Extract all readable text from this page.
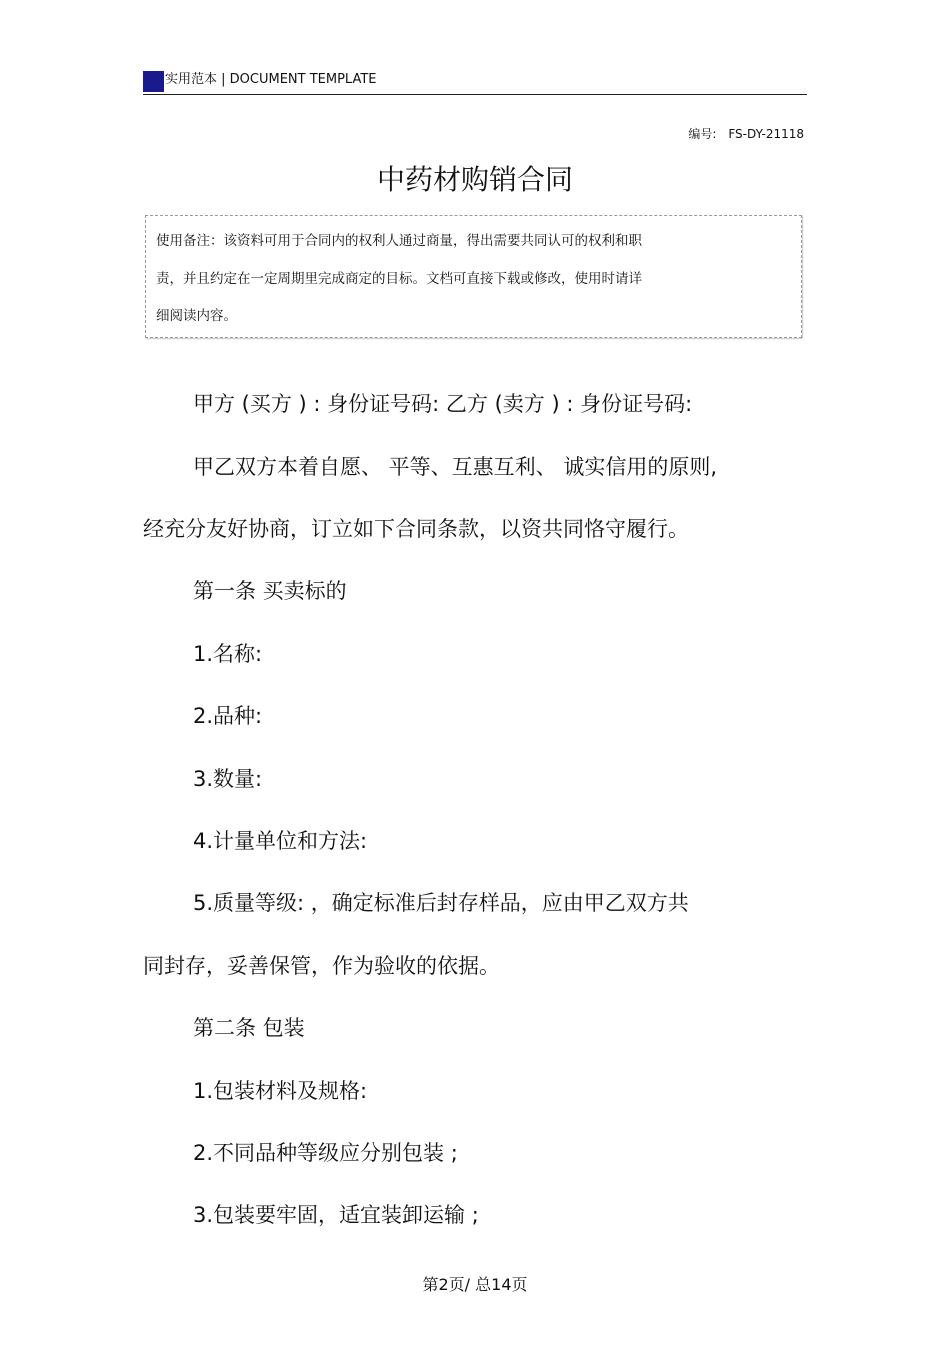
实用范本 | DOCUMENT TEMPLATE
编号: FS-DY-21118
中药材购销合同
使用备注：该资料可用于合同内的权利人通过商量，得出需要共同认可的权利和职
责，并且约定在一定周期里完成商定的目标。文档可直接下载或修改，使用时请详
细阅读内容。
甲方 (买方 ) : 身份证号码: 乙方 (卖方 ) : 身份证号码:
甲乙双方本着自愿、 平等、互惠互利、 诚实信用的原则,
经充分友好协商，订立如下合同条款，以资共同恪守履行。
第一条 买卖标的
1.名称:
2.品种:
3.数量:
4.计量单位和方法:
5.质量等级: ，确定标准后封存样品，应由甲乙双方共
同封存，妥善保管，作为验收的依据。
第二条 包装
1.包装材料及规格:
2.不同品种等级应分别包装 ;
3.包装要牢固，适宜装卸运输 ;
第2页/ 总14页
